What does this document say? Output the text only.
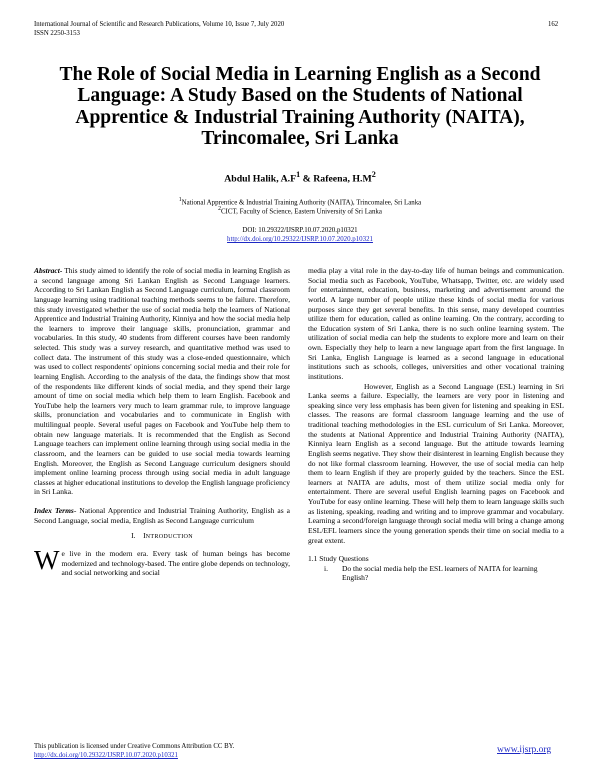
International Journal of Scientific and Research Publications, Volume 10, Issue 7, July 2020
ISSN 2250-3153
162
The Role of Social Media in Learning English as a Second Language: A Study Based on the Students of National Apprentice & Industrial Training Authority (NAITA), Trincomalee, Sri Lanka
Abdul Halik, $A.F^1$ & Rafeena, $H.M^2$
$^1$National Apprentice & Industrial Training Authority (NAITA), Trincomalee, Sri Lanka
$^2$CICT, Faculty of Science, Eastern University of Sri Lanka
DOI: 10.29322/IJSRP.10.07.2020.p10321
http://dx.doi.org/10.29322/IJSRP.10.07.2020.p10321

Abstract- This study aimed to identify the role of social media in learning English as a second language among Sri Lankan English as Second Language learners. According to Sri Lankan English as Second Language curriculum, formal classroom language learning using traditional teaching methods seems to be failure. Therefore, this study investigated whether the use of social media help the learners of National Apprentice and Industrial Training Authority, Kinniya and how the social media help the learners to improve their language skills, pronunciation, grammar and vocabularies. In this study, 40 students from different courses have been randomly selected. This study was a survey research, and quantitative method was used to collect data. The instrument of this study was a close-ended questionnaire, which was used to collect respondents' opinions concerning social media and their role for learning English. According to the analysis of the data, the findings show that most of the respondents like different kinds of social media, and they spend their large amount of time on social media which help them to learn English. Facebook and YouTube help the learners very much to learn grammar rule, to improve language skills, pronunciation and vocabularies and to communicate in English with multilingual people. Several useful pages on Facebook and YouTube help them to obtain new language materials. It is recommended that the English as Second Language teachers can implement online learning through using social media in the classroom, and the learners can be guided to use social media towards learning English. Moreover, the English as Second Language curriculum designers should implement online learning process through using social media in adult language classes at higher educational institutions to develop the English language proficiency in Sri Lanka.

Index Terms- National Apprentice and Industrial Training Authority, English as a Second Language, social media, English as Second Language curriculum

I. INTRODUCTION

We live in the modern era. Every task of human beings has become modernized and technology-based. The entire globe depends on technology, and social networking and social

media play a vital role in the day-to-day life of human beings and communication. Social media such as Facebook, YouTube, Whatsapp, Twitter, etc. are widely used for entertainment, education, business, marketing and advertisement around the world. A large number of people utilize these kinds of social media for various purposes since they get several benefits. In this sense, many developed countries utilize them for education, called as online learning. On the contrary, according to the Education system of Sri Lanka, there is no such online learning system. The utilization of social media can help the students to explore more and learn on their own. Especially they help to learn a new language apart from the first language. In Sri Lanka, English Language is learned as a second language in educational institutions such as schools, colleges, universities and other vocational training institutions.

However, English as a Second Language (ESL) learning in Sri Lanka seems a failure. Especially, the learners are very poor in listening and speaking since very less emphasis has been given for listening and speaking in ESL classes. The reasons are formal classroom language learning and the use of traditional teaching methodologies in the ESL curriculum of Sri Lanka. Moreover, the students at National Apprentice and Industrial Training Authority (NAITA), Kinniya learn English as a second language. But the attitude towards learning English seems negative. They show their disinterest in learning English because they do not like formal classroom learning. However, the use of social media can help them to learn English if they are properly guided by the teachers. Since the ESL learners at NAITA are adults, most of them utilize social media only for entertainment. There are several useful English learning pages on Facebook and YouTube for easy online learning. These will help them to learn language skills such as listening, speaking, reading and writing and to improve grammar and vocabulary. Learning a second/foreign language through social media will bring a change among ESL/EFL learners since the young generation spends their time on social media to a great extent.

1.1 Study Questions

i.	Do the social media help the ESL learners of NAITA for learning English?
This publication is licensed under Creative Commons Attribution CC BY.
http://dx.doi.org/10.29322/IJSRP.10.07.2020.p10321
www.ijsrp.org
